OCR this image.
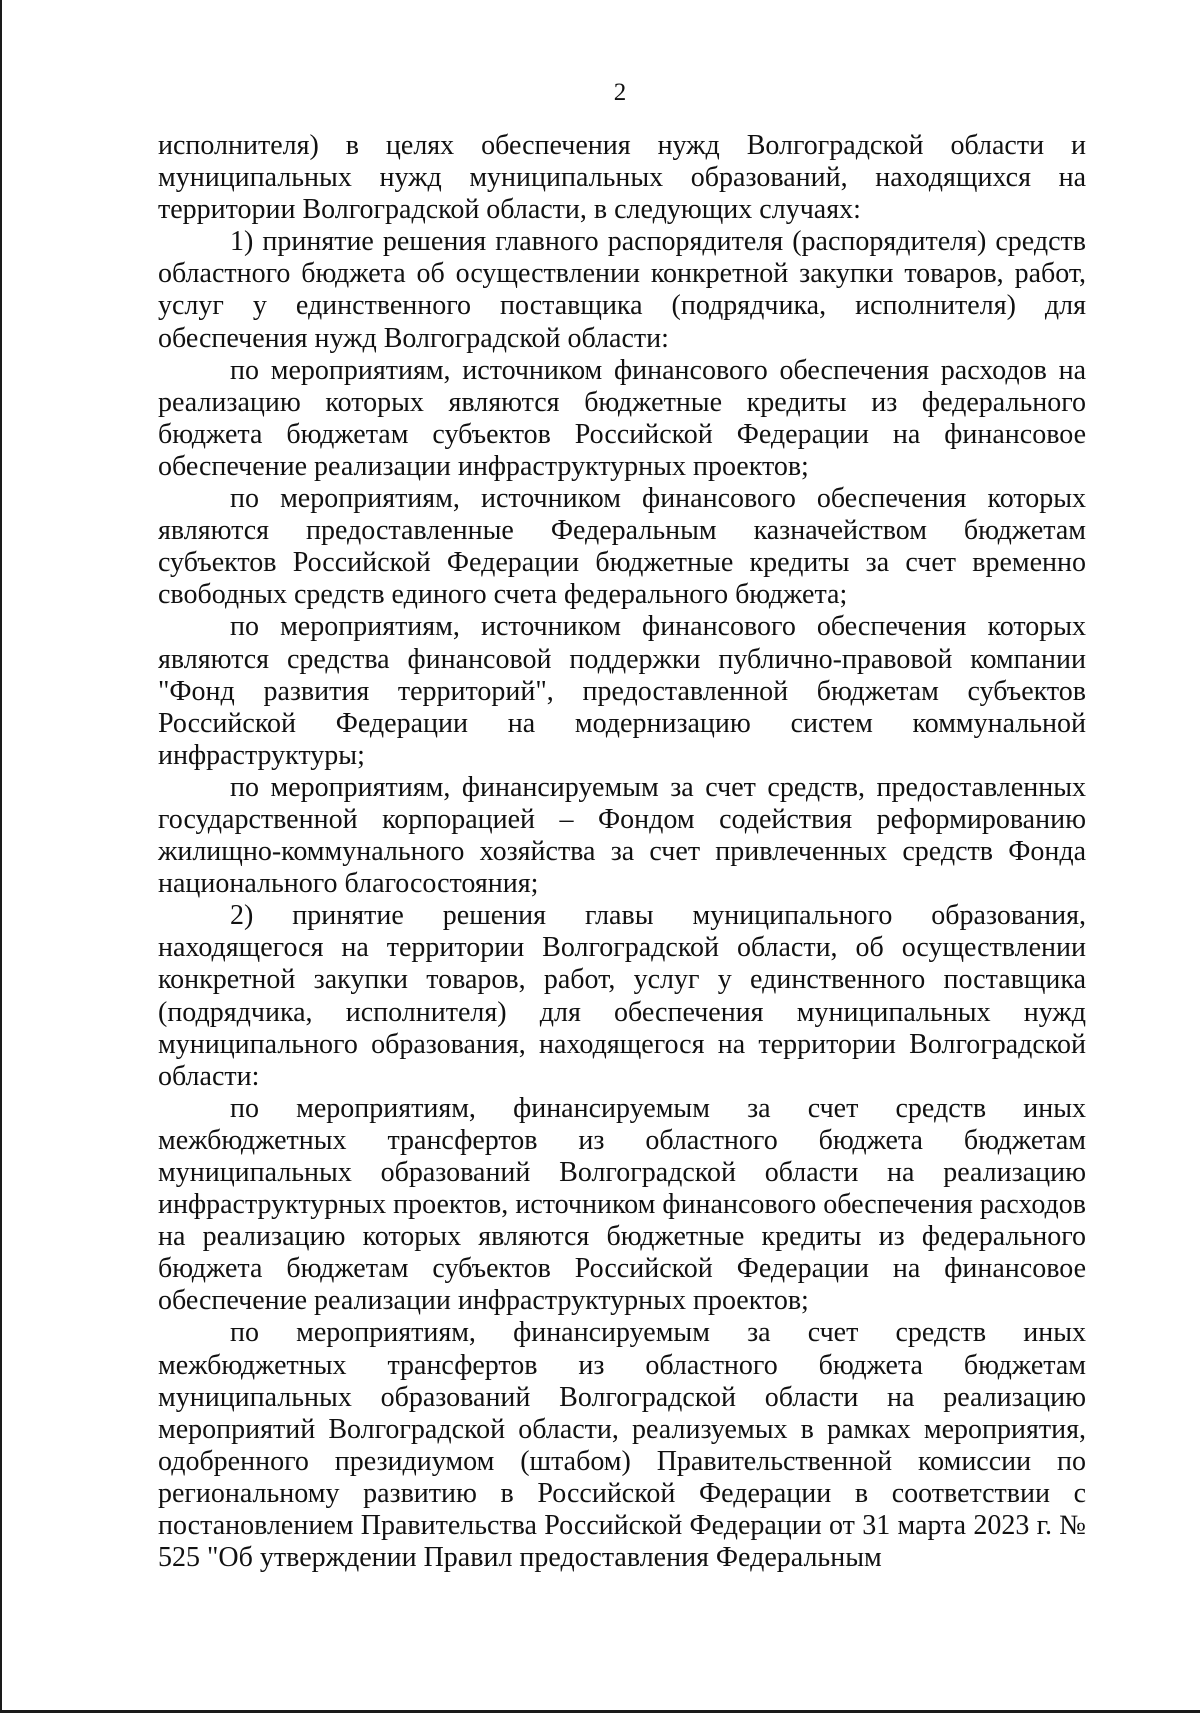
2

исполнителя) в целях обеспечения нужд Волгоградской области и муниципальных нужд муниципальных образований, находящихся на территории Волгоградской области, в следующих случаях:

1) принятие решения главного распорядителя (распорядителя) средств областного бюджета об осуществлении конкретной закупки товаров, работ, услуг у единственного поставщика (подрядчика, исполнителя) для обеспечения нужд Волгоградской области:

по мероприятиям, источником финансового обеспечения расходов на реализацию которых являются бюджетные кредиты из федерального бюджета бюджетам субъектов Российской Федерации на финансовое обеспечение реализации инфраструктурных проектов;

по мероприятиям, источником финансового обеспечения которых являются предоставленные Федеральным казначейством бюджетам субъектов Российской Федерации бюджетные кредиты за счет временно свободных средств единого счета федерального бюджета;

по мероприятиям, источником финансового обеспечения которых являются средства финансовой поддержки публично-правовой компании "Фонд развития территорий", предоставленной бюджетам субъектов Российской Федерации на модернизацию систем коммунальной инфраструктуры;

по мероприятиям, финансируемым за счет средств, предоставленных государственной корпорацией – Фондом содействия реформированию жилищно-коммунального хозяйства за счет привлеченных средств Фонда национального благосостояния;

2) принятие решения главы муниципального образования, находящегося на территории Волгоградской области, об осуществлении конкретной закупки товаров, работ, услуг у единственного поставщика (подрядчика, исполнителя) для обеспечения муниципальных нужд муниципального образования, находящегося на территории Волгоградской области:

по мероприятиям, финансируемым за счет средств иных межбюджетных трансфертов из областного бюджета бюджетам муниципальных образований Волгоградской области на реализацию инфраструктурных проектов, источником финансового обеспечения расходов на реализацию которых являются бюджетные кредиты из федерального бюджета бюджетам субъектов Российской Федерации на финансовое обеспечение реализации инфраструктурных проектов;

по мероприятиям, финансируемым за счет средств иных межбюджетных трансфертов из областного бюджета бюджетам муниципальных образований Волгоградской области на реализацию мероприятий Волгоградской области, реализуемых в рамках мероприятия, одобренного президиумом (штабом) Правительственной комиссии по региональному развитию в Российской Федерации в соответствии с постановлением Правительства Российской Федерации от 31 марта 2023 г. № 525 "Об утверждении Правил предоставления Федеральным
